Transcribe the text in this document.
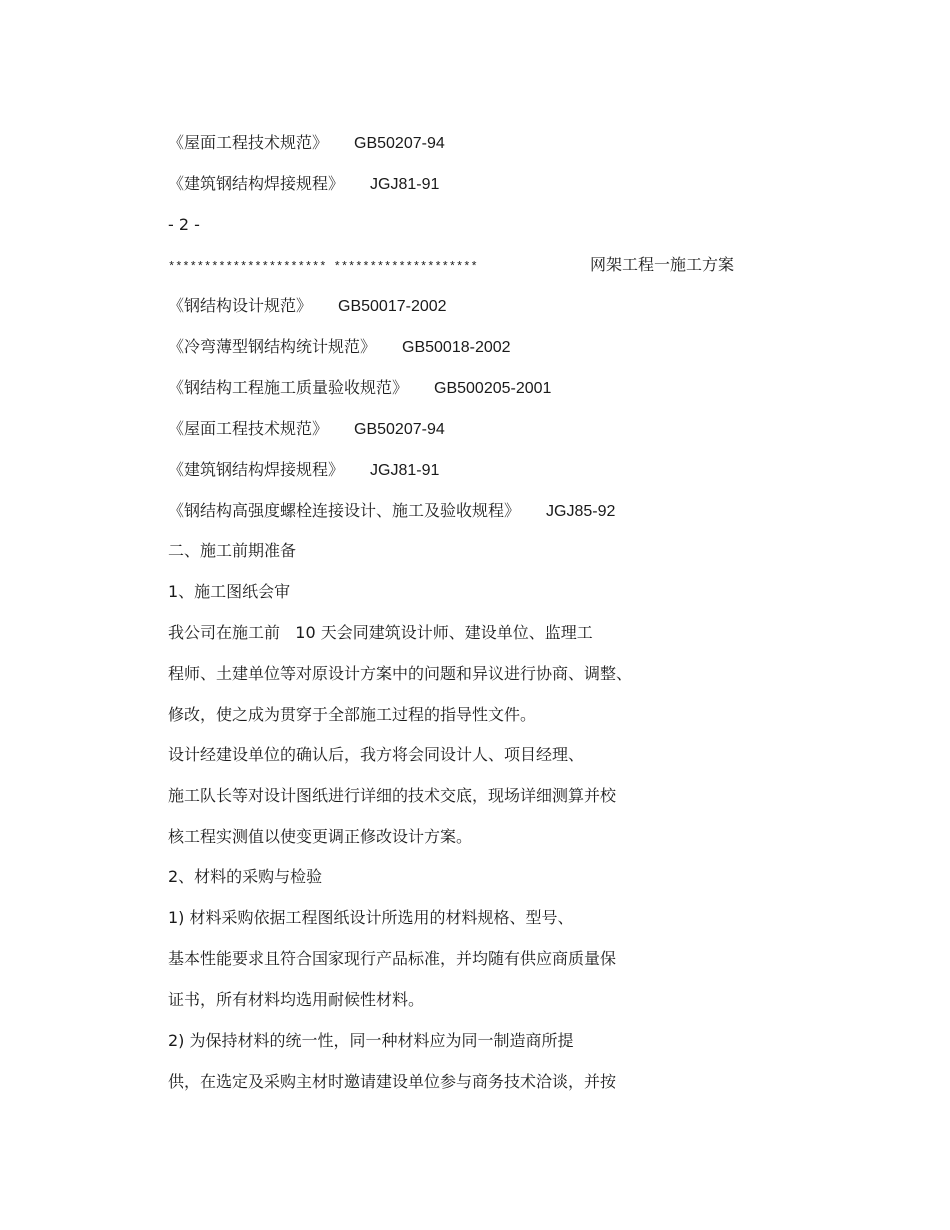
《屋面工程技术规范》 GB50207-94
《建筑钢结构焊接规程》 JGJ81-91
- 2 -
********************** ********************	网架工程一施工方案
《钢结构设计规范》 GB50017-2002
《冷弯薄型钢结构统计规范》 GB50018-2002
《钢结构工程施工质量验收规范》 GB500205-2001
《屋面工程技术规范》 GB50207-94
《建筑钢结构焊接规程》 JGJ81-91
《钢结构高强度螺栓连接设计、施工及验收规程》 JGJ85-92
二、施工前期准备
1、施工图纸会审
我公司在施工前   10 天会同建筑设计师、建设单位、监理工
程师、土建单位等对原设计方案中的问题和异议进行协商、调整、
修改，使之成为贯穿于全部施工过程的指导性文件。
设计经建设单位的确认后，我方将会同设计人、项目经理、
施工队长等对设计图纸进行详细的技术交底，现场详细测算并校
核工程实测值以使变更调正修改设计方案。
2、材料的采购与检验
1) 材料采购依据工程图纸设计所选用的材料规格、型号、
基本性能要求且符合国家现行产品标准，并均随有供应商质量保
证书，所有材料均选用耐候性材料。
2) 为保持材料的统一性，同一种材料应为同一制造商所提
供，在选定及采购主材时邀请建设单位参与商务技术洽谈，并按
